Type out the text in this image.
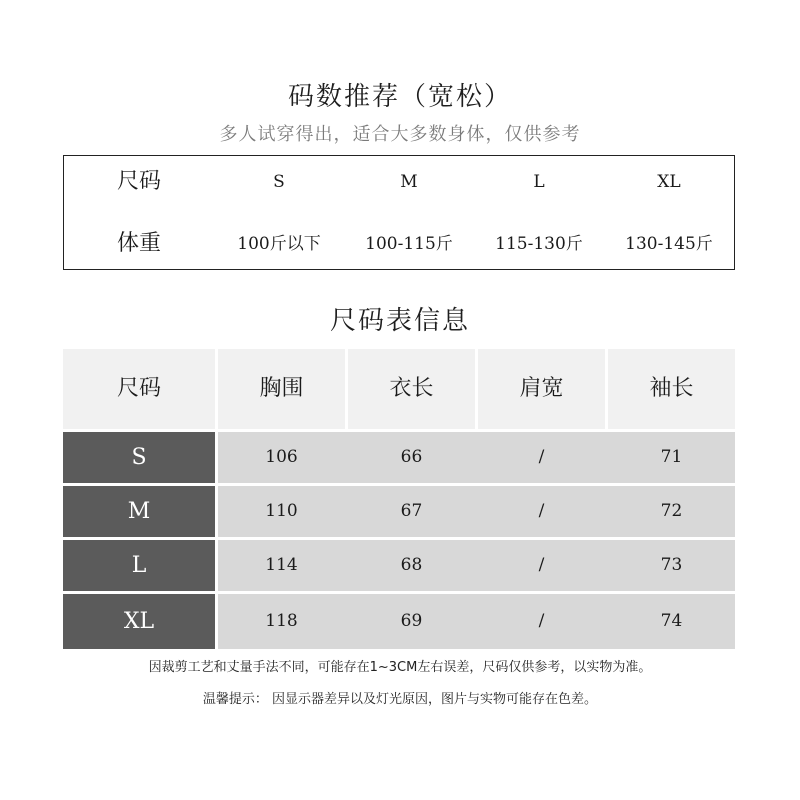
码数推荐（宽松）
多人试穿得出，适合大多数身体，仅供参考
尺码	S	M	L	XL
体重	100斤以下	100-115斤	115-130斤	130-145斤
尺码表信息
尺码	胸围	衣长	肩宽	袖长
S	106	66	/	71
M	110	67	/	72
L	114	68	/	73
XL	118	69	/	74
因裁剪工艺和丈量手法不同，可能存在1~3CM左右误差，尺码仅供参考，以实物为准。
温馨提示： 因显示器差异以及灯光原因，图片与实物可能存在色差。
